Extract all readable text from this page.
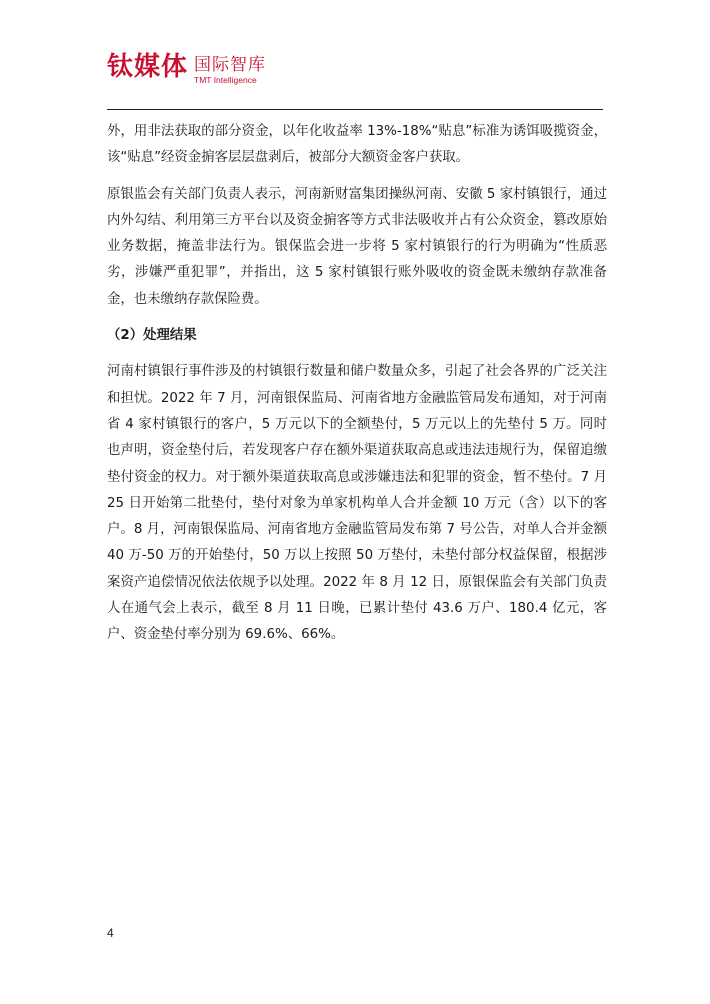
钛媒体 国际智库
TMT Intelligence

外，用非法获取的部分资金，以年化收益率 13%-18%“贴息”标准为诱饵吸揽资金，该“贴息”经资金掮客层层盘剥后，被部分大额资金客户获取。

原银监会有关部门负责人表示，河南新财富集团操纵河南、安徽 5 家村镇银行，通过内外勾结、利用第三方平台以及资金掮客等方式非法吸收并占有公众资金，篡改原始业务数据，掩盖非法行为。银保监会进一步将 5 家村镇银行的行为明确为“性质恶劣，涉嫌严重犯罪”，并指出，这 5 家村镇银行账外吸收的资金既未缴纳存款准备金，也未缴纳存款保险费。

（2）处理结果

河南村镇银行事件涉及的村镇银行数量和储户数量众多，引起了社会各界的广泛关注和担忧。2022 年 7 月，河南银保监局、河南省地方金融监管局发布通知，对于河南省 4 家村镇银行的客户，5 万元以下的全额垫付，5 万元以上的先垫付 5 万。同时也声明，资金垫付后，若发现客户存在额外渠道获取高息或违法违规行为，保留追缴垫付资金的权力。对于额外渠道获取高息或涉嫌违法和犯罪的资金，暂不垫付。7 月 25 日开始第二批垫付，垫付对象为单家机构单人合并金额 10 万元（含）以下的客户。8 月，河南银保监局、河南省地方金融监管局发布第 7 号公告，对单人合并金额 40 万-50 万的开始垫付，50 万以上按照 50 万垫付，未垫付部分权益保留，根据涉案资产追偿情况依法依规予以处理。2022 年 8 月 12 日，原银保监会有关部门负责人在通气会上表示，截至 8 月 11 日晚，已累计垫付 43.6 万户、180.4 亿元，客户、资金垫付率分别为 69.6%、66%。

4
